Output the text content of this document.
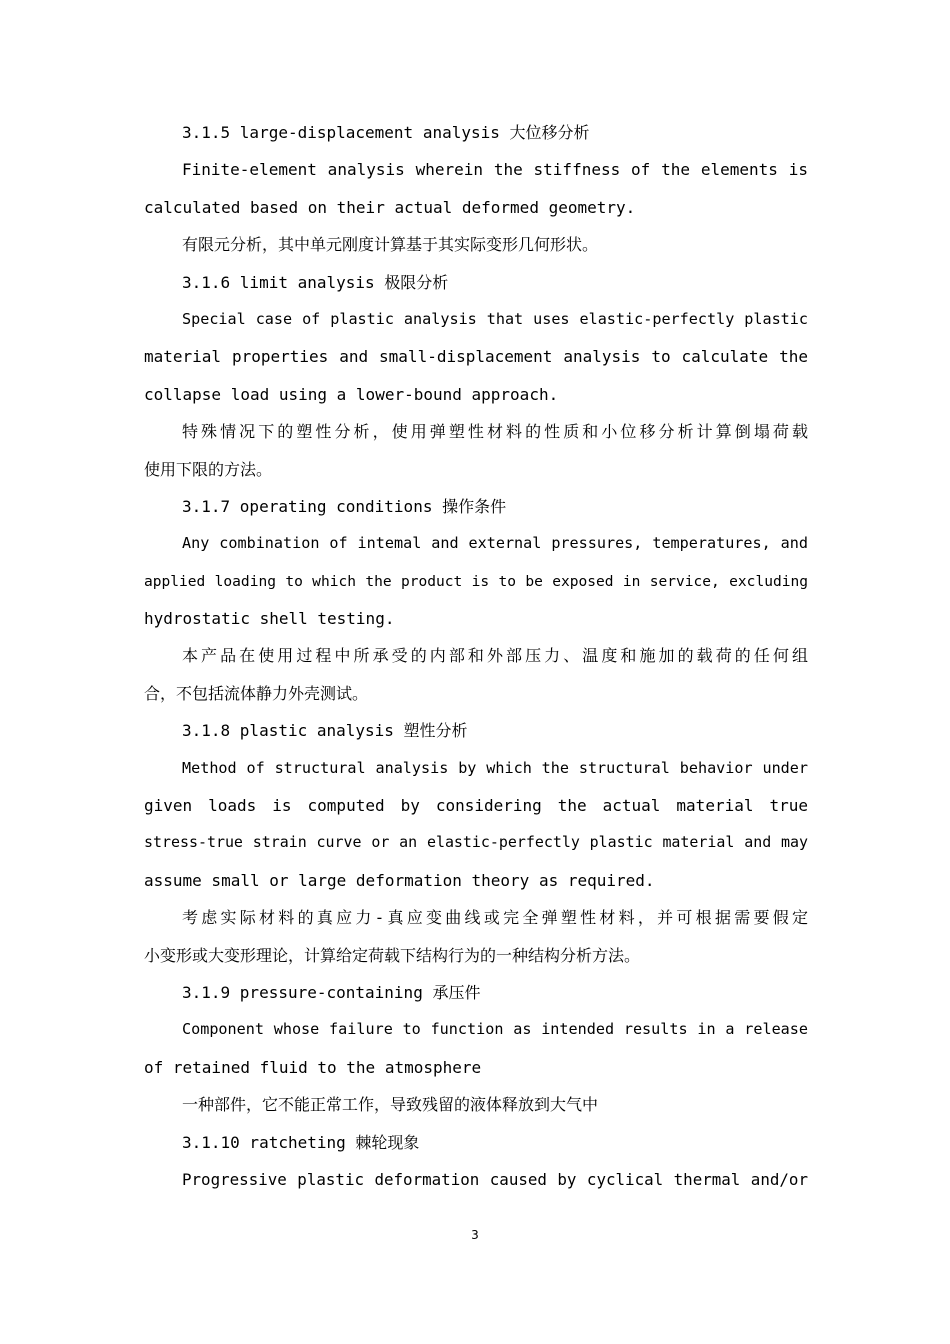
3.1.5 large-displacement analysis 大位移分析
Finite-element analysis wherein the stiffness of the elements is
calculated based on their actual deformed geometry.
有限元分析，其中单元刚度计算基于其实际变形几何形状。
3.1.6 limit analysis 极限分析
Special case of plastic analysis that uses elastic-perfectly plastic
material properties and small-displacement analysis to calculate the
collapse load using a lower-bound approach.
特殊情况下的塑性分析，使用弹塑性材料的性质和小位移分析计算倒塌荷载
使用下限的方法。
3.1.7 operating conditions 操作条件
Any combination of intemal and external pressures, temperatures, and
applied loading to which the product is to be exposed in service, excluding
hydrostatic shell testing.
本产品在使用过程中所承受的内部和外部压力、温度和施加的载荷的任何组
合，不包括流体静力外壳测试。
3.1.8 plastic analysis 塑性分析
Method of structural analysis by which the structural behavior under
given loads is computed by considering the actual material true
stress-true strain curve or an elastic-perfectly plastic material and may
assume small or large deformation theory as required.
考虑实际材料的真应力-真应变曲线或完全弹塑性材料，并可根据需要假定
小变形或大变形理论，计算给定荷载下结构行为的一种结构分析方法。
3.1.9 pressure-containing 承压件
Component whose failure to function as intended results in a release
of retained fluid to the atmosphere
一种部件，它不能正常工作，导致残留的液体释放到大气中
3.1.10 ratcheting 棘轮现象
Progressive plastic deformation caused by cyclical thermal and/or
3
